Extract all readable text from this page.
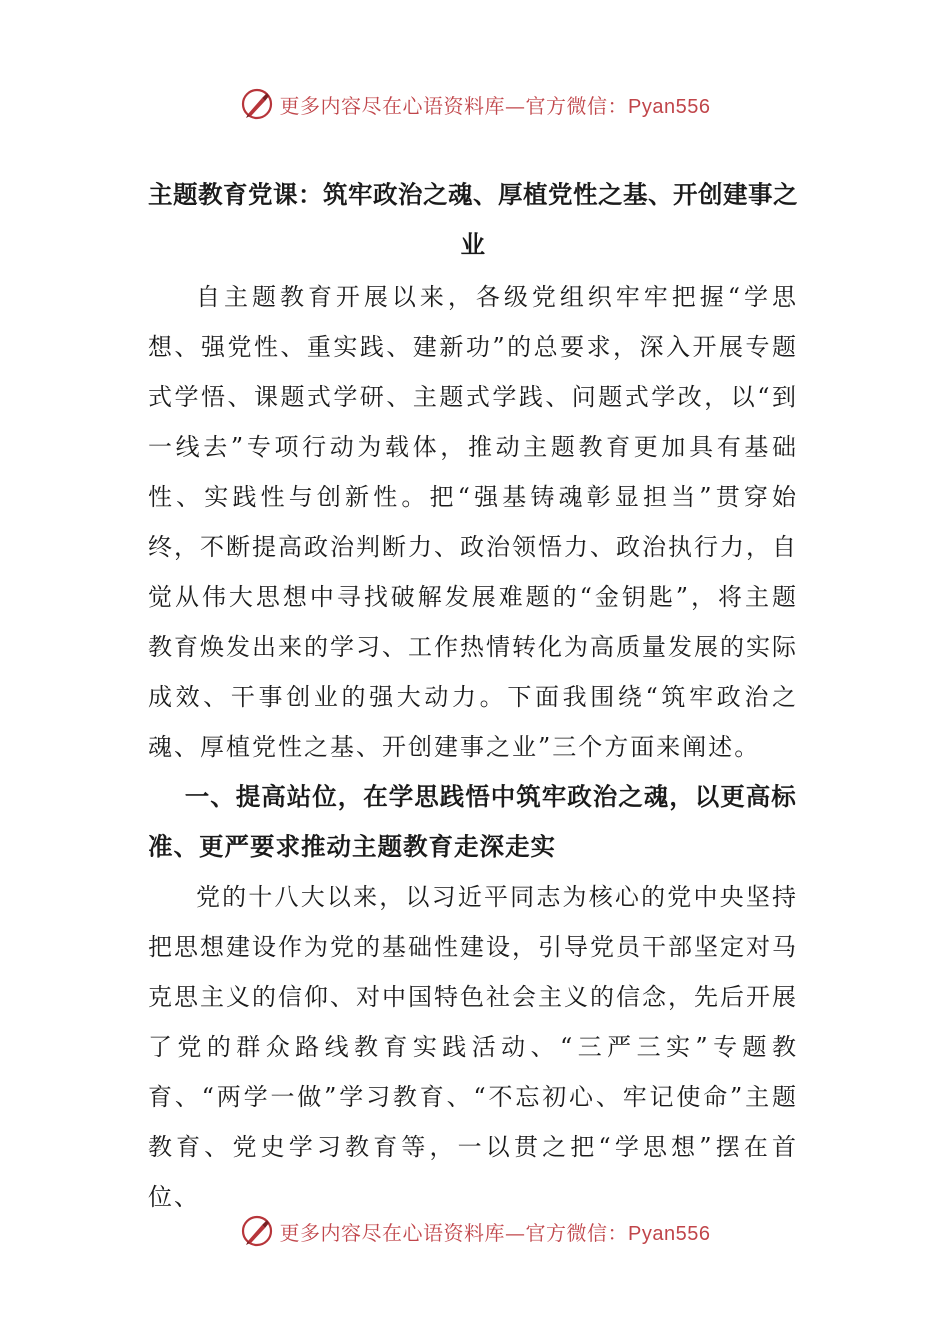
更多内容尽在心语资料库—官方微信：Pyan556
主题教育党课：筑牢政治之魂、厚植党性之基、开创建事之业

自主题教育开展以来，各级党组织牢牢把握“学思想、强党性、重实践、建新功”的总要求，深入开展专题式学悟、课题式学研、主题式学践、问题式学改，以“到一线去”专项行动为载体，推动主题教育更加具有基础性、实践性与创新性。把“强基铸魂彰显担当”贯穿始终，不断提高政治判断力、政治领悟力、政治执行力，自觉从伟大思想中寻找破解发展难题的“金钥匙”，将主题教育焕发出来的学习、工作热情转化为高质量发展的实际成效、干事创业的强大动力。下面我围绕“筑牢政治之魂、厚植党性之基、开创建事之业”三个方面来阐述。

一、提高站位，在学思践悟中筑牢政治之魂，以更高标准、更严要求推动主题教育走深走实

党的十八大以来，以习近平同志为核心的党中央坚持把思想建设作为党的基础性建设，引导党员干部坚定对马克思主义的信仰、对中国特色社会主义的信念，先后开展了党的群众路线教育实践活动、“三严三实”专题教育、“两学一做”学习教育、“不忘初心、牢记使命”主题教育、党史学习教育等，一以贯之把“学思想”摆在首位、

更多内容尽在心语资料库—官方微信：Pyan556
